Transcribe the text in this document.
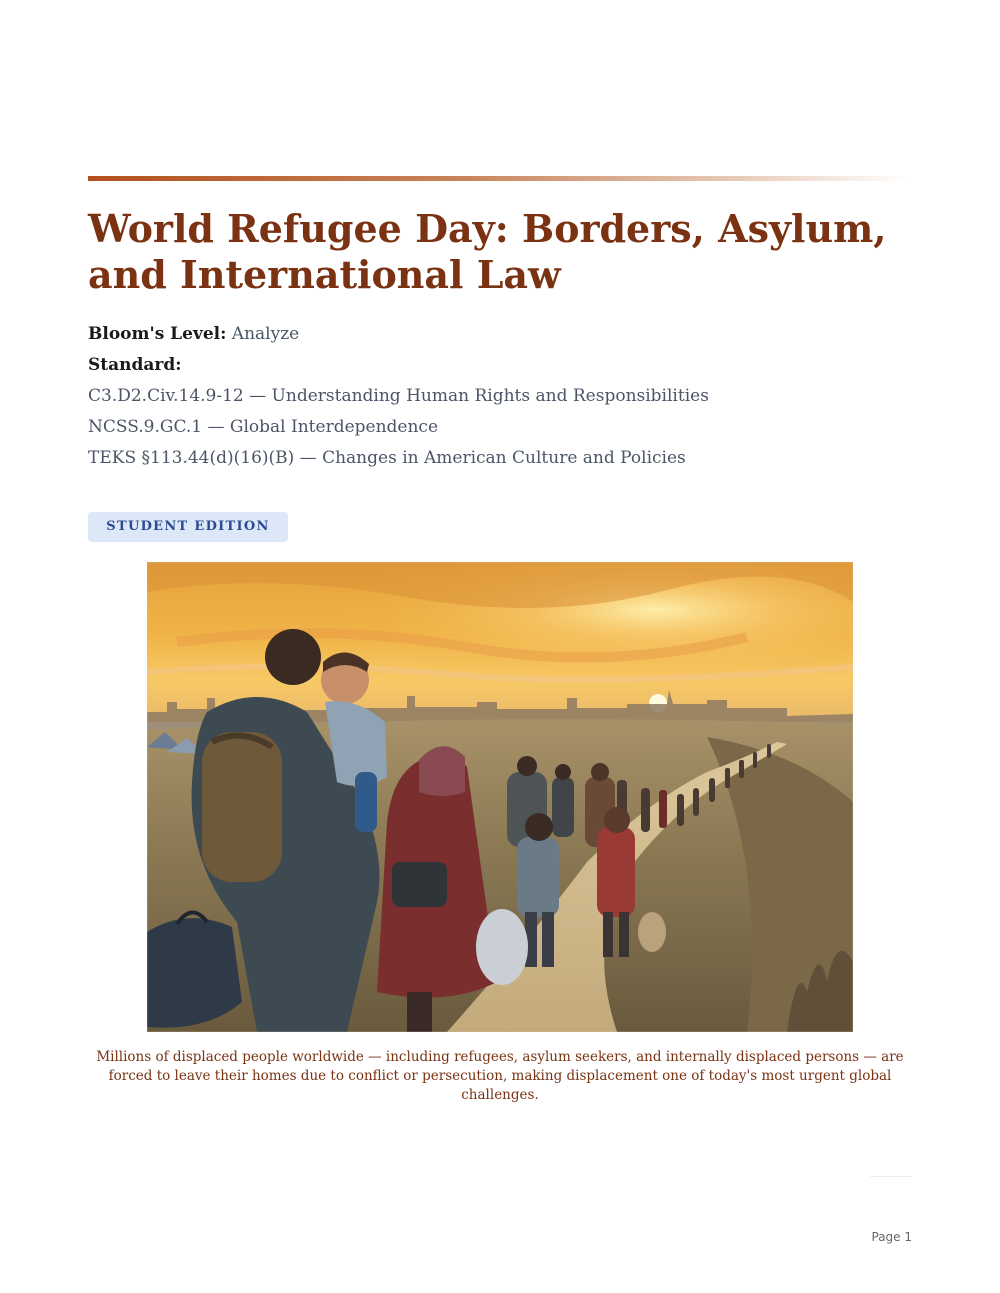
World Refugee Day: Borders, Asylum, and International Law
Bloom's Level: Analyze
Standard:
C3.D2.Civ.14.9-12 — Understanding Human Rights and Responsibilities
NCSS.9.GC.1 — Global Interdependence
TEKS §113.44(d)(16)(B) — Changes in American Culture and Policies
STUDENT EDITION

Millions of displaced people worldwide — including refugees, asylum seekers, and internally displaced persons — are forced to leave their homes due to conflict or persecution, making displacement one of today's most urgent global challenges.

Page 1
